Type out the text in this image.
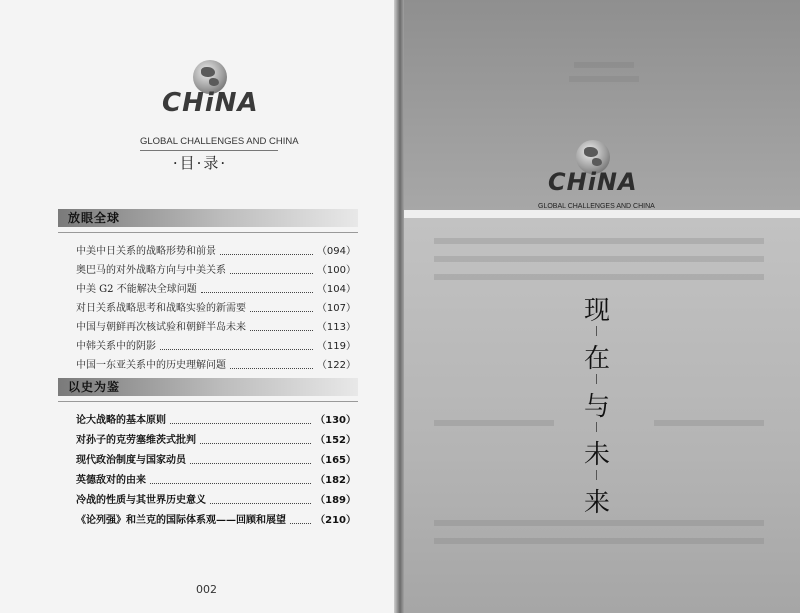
CHiNA
GLOBAL CHALLENGES AND CHINA
·目·录·
放眼全球
中美中日关系的战略形势和前景	（094）
奥巴马的对外战略方向与中美关系	（100）
中美 G2 不能解决全球问题	（104）
对日关系战略思考和战略实验的新需要	（107）
中国与朝鲜再次核试验和朝鲜半岛未来	（113）
中韩关系中的阴影	（119）
中国一东亚关系中的历史理解问题	（122）
以史为鉴
论大战略的基本原则	（130）
对孙子的克劳塞维茨式批判	（152）
现代政治制度与国家动员	（165）
英德敌对的由来	（182）
冷战的性质与其世界历史意义	（189）
《论列强》和兰克的国际体系观——回顾和展望	（210）
002
CHiNA
GLOBAL CHALLENGES AND CHINA
现
在
与
未
来
